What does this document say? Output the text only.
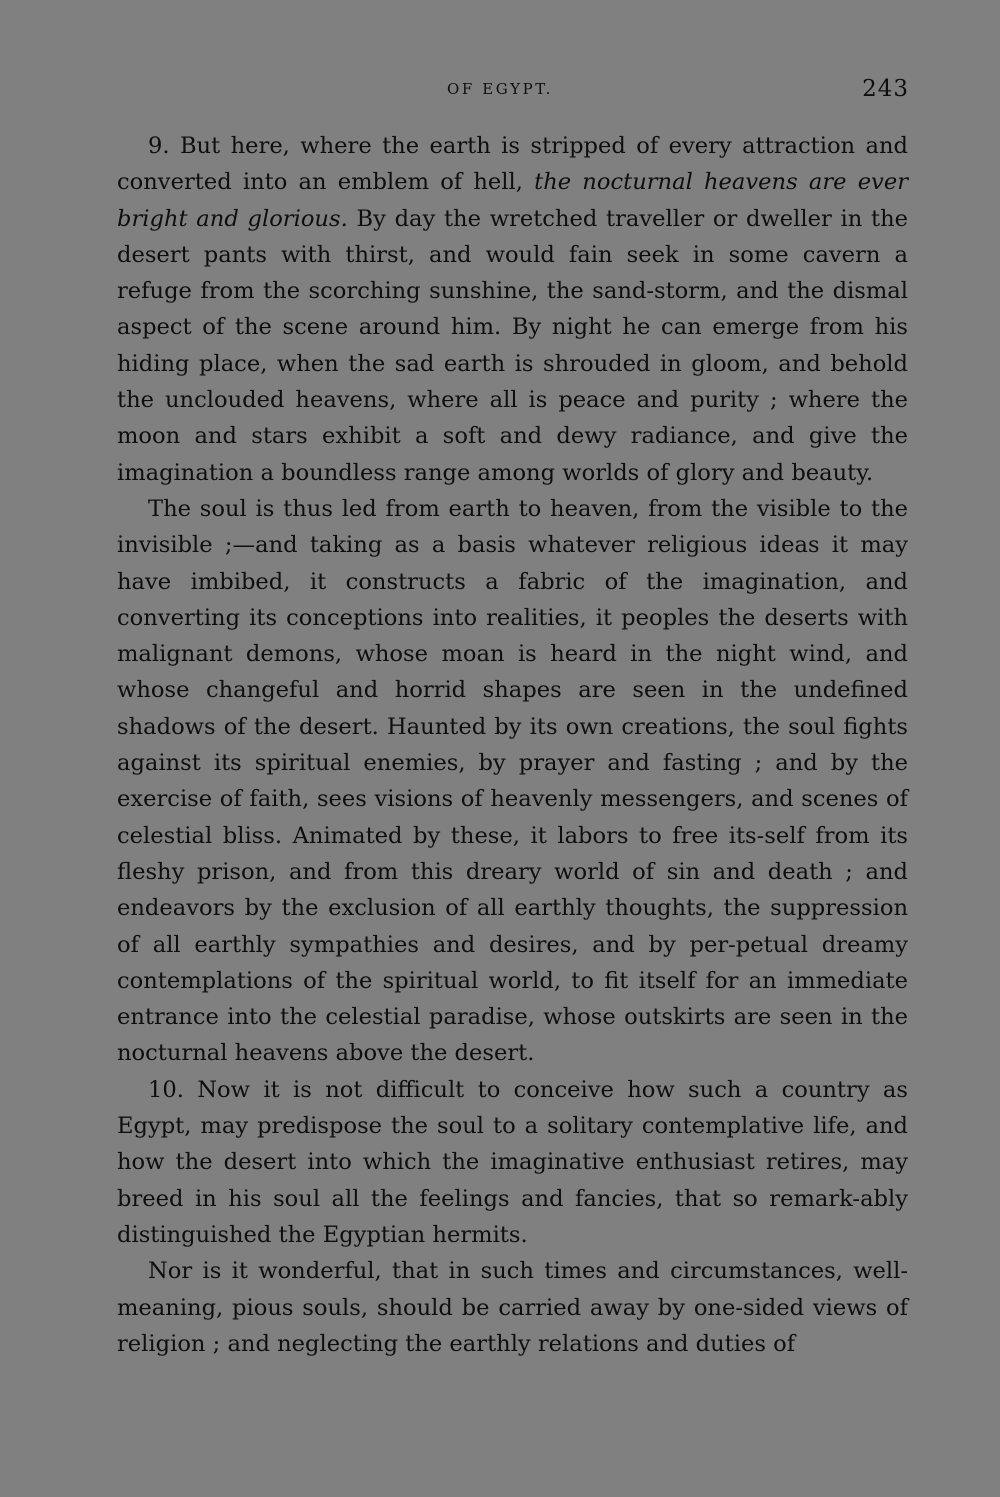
OF EGYPT.	243

9. But here, where the earth is stripped of every attraction and converted into an emblem of hell, the nocturnal heavens are ever bright and glorious. By day the wretched traveller or dweller in the desert pants with thirst, and would fain seek in some cavern a refuge from the scorching sunshine, the sand-storm, and the dismal aspect of the scene around him. By night he can emerge from his hiding place, when the sad earth is shrouded in gloom, and behold the unclouded heavens, where all is peace and purity ; where the moon and stars exhibit a soft and dewy radiance, and give the imagination a boundless range among worlds of glory and beauty.

The soul is thus led from earth to heaven, from the visible to the invisible ;—and taking as a basis whatever religious ideas it may have imbibed, it constructs a fabric of the imagination, and converting its conceptions into realities, it peoples the deserts with malignant demons, whose moan is heard in the night wind, and whose changeful and horrid shapes are seen in the undefined shadows of the desert. Haunted by its own creations, the soul fights against its spiritual enemies, by prayer and fasting ; and by the exercise of faith, sees visions of heavenly messengers, and scenes of celestial bliss. Animated by these, it labors to free its-self from its fleshy prison, and from this dreary world of sin and death ; and endeavors by the exclusion of all earthly thoughts, the suppression of all earthly sympathies and desires, and by per-petual dreamy contemplations of the spiritual world, to fit itself for an immediate entrance into the celestial paradise, whose outskirts are seen in the nocturnal heavens above the desert.

10. Now it is not difficult to conceive how such a country as Egypt, may predispose the soul to a solitary contemplative life, and how the desert into which the imaginative enthusiast retires, may breed in his soul all the feelings and fancies, that so remark-ably distinguished the Egyptian hermits.

Nor is it wonderful, that in such times and circumstances, well-meaning, pious souls, should be carried away by one-sided views of religion ; and neglecting the earthly relations and duties of
